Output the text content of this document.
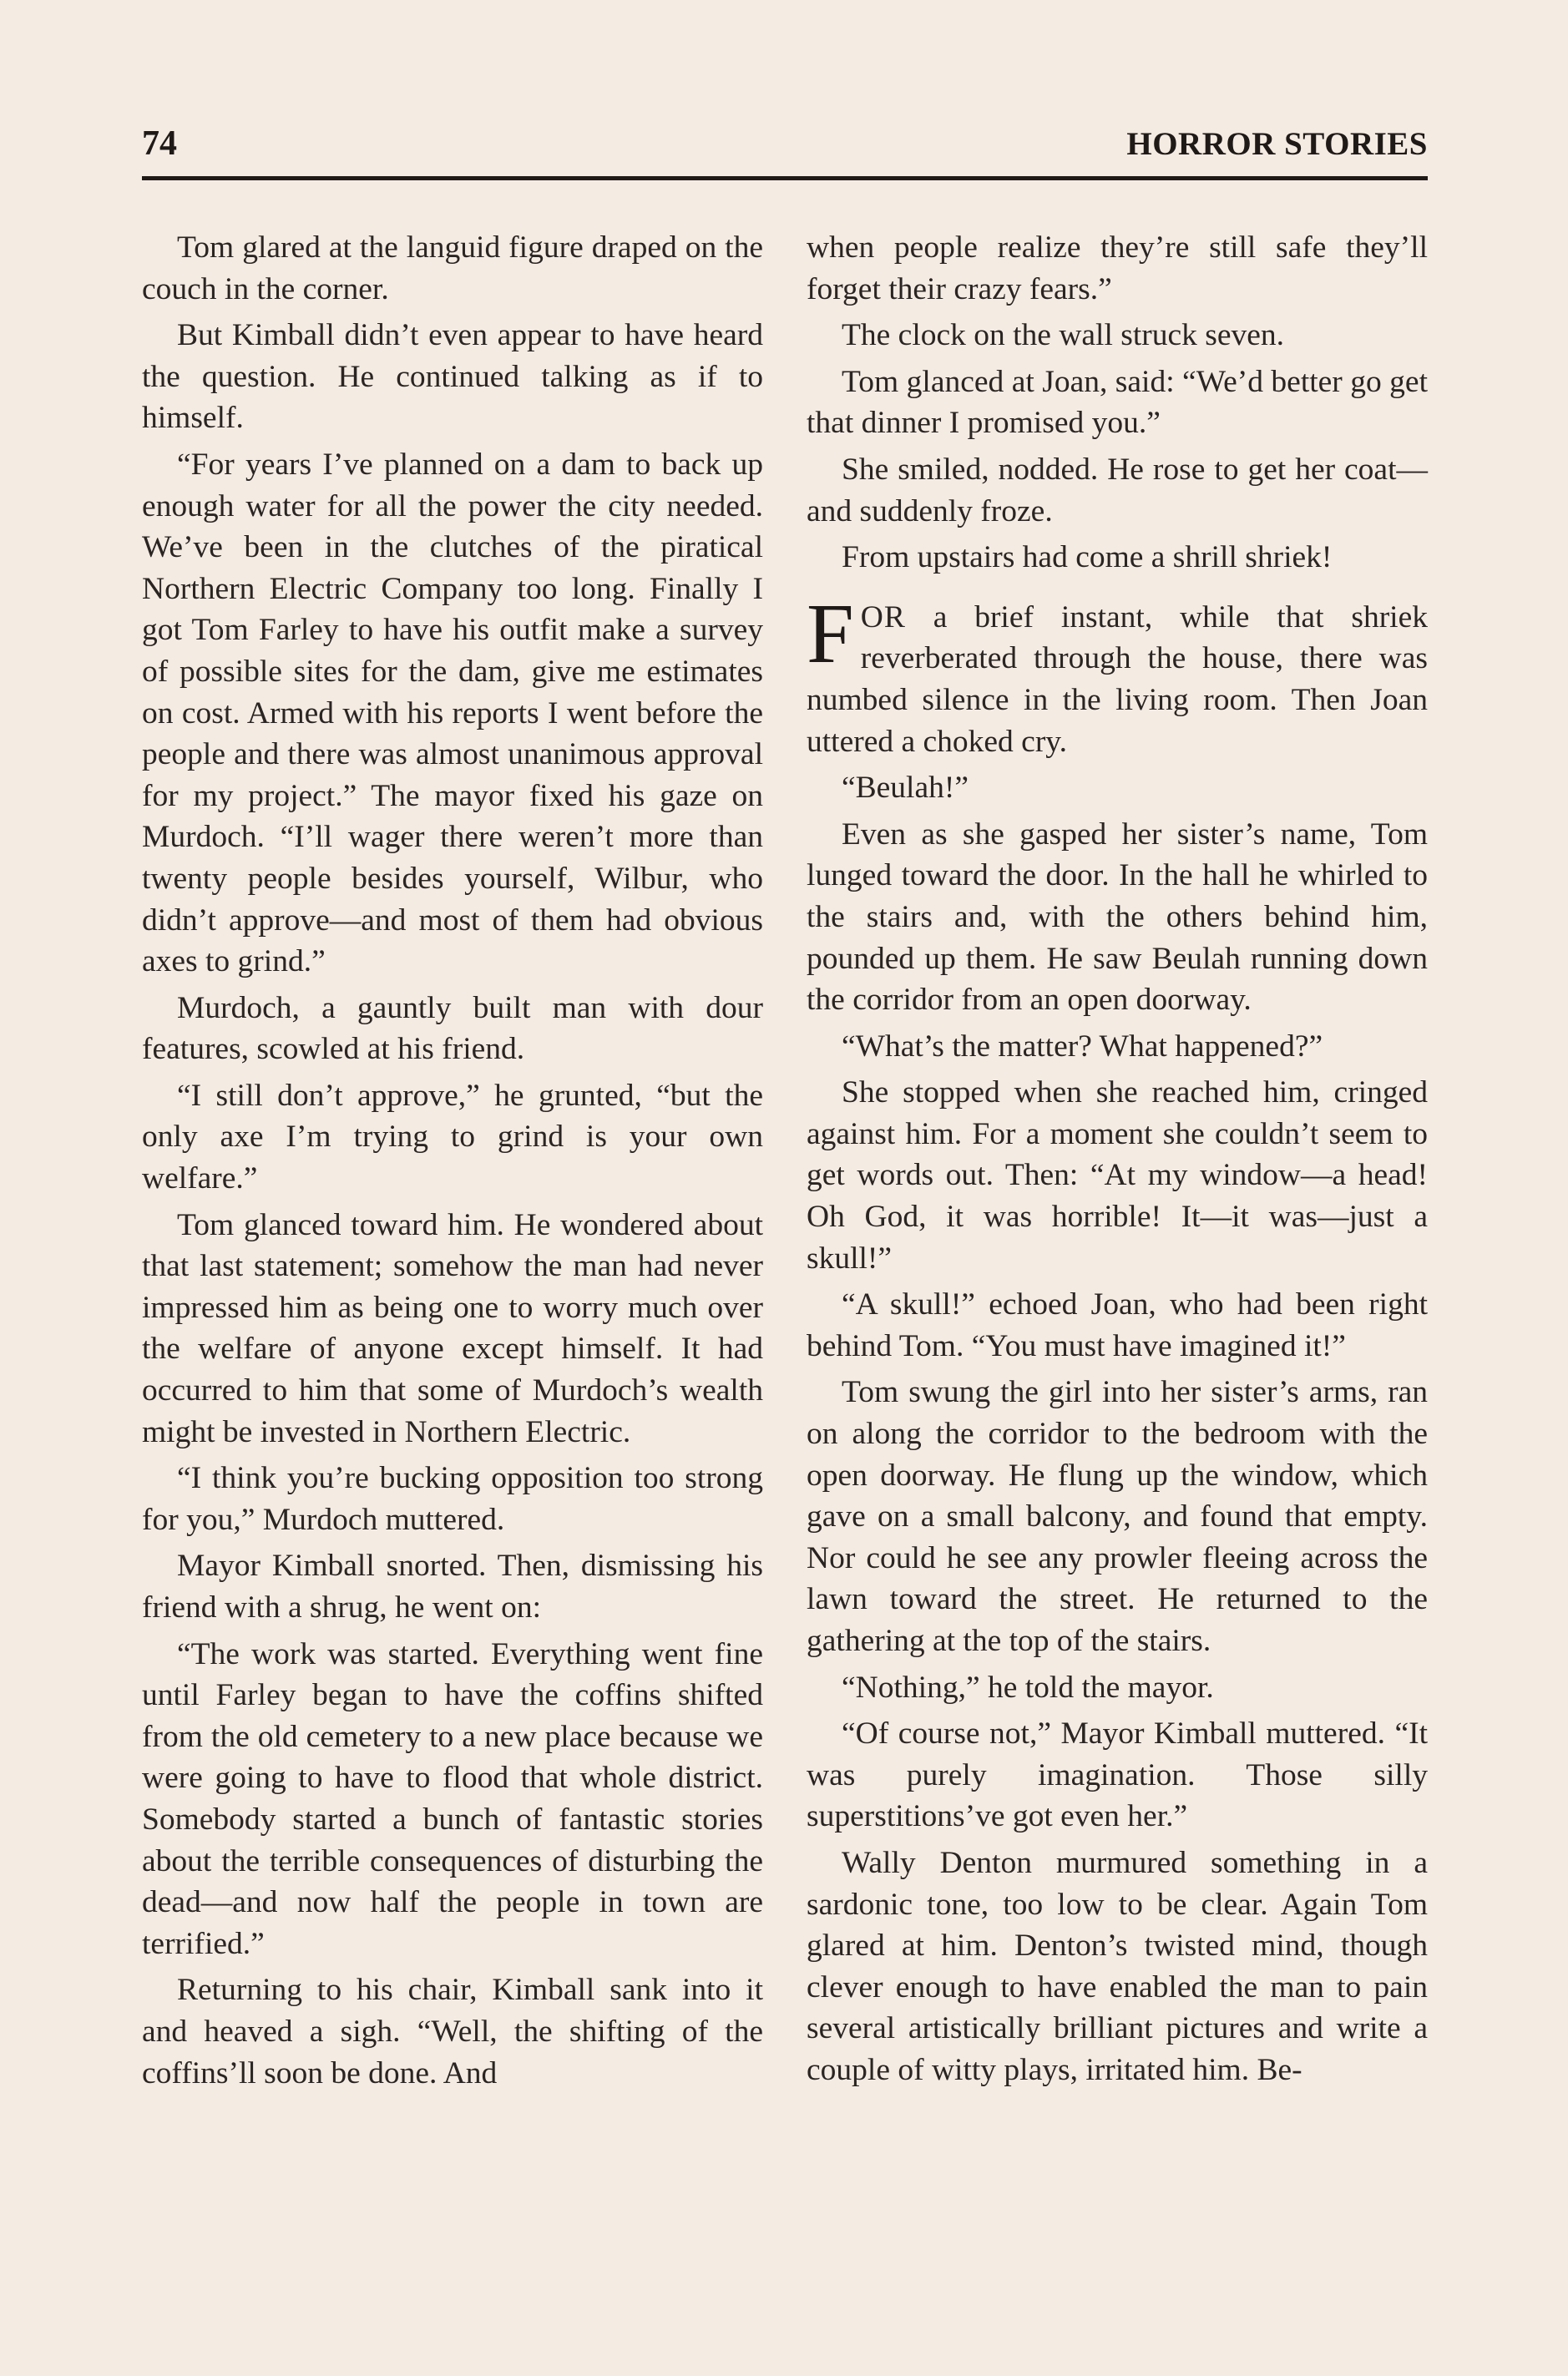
74	HORROR STORIES

Tom glared at the languid figure draped on the couch in the corner.

But Kimball didn’t even appear to have heard the question. He continued talking as if to himself.

“For years I’ve planned on a dam to back up enough water for all the power the city needed. We’ve been in the clutches of the piratical Northern Electric Company too long. Finally I got Tom Farley to have his outfit make a survey of possible sites for the dam, give me estimates on cost. Armed with his reports I went before the people and there was almost unanimous approval for my project.” The mayor fixed his gaze on Murdoch. “I’ll wager there weren’t more than twenty people besides yourself, Wilbur, who didn’t approve—and most of them had obvious axes to grind.”

Murdoch, a gauntly built man with dour features, scowled at his friend.

“I still don’t approve,” he grunted, “but the only axe I’m trying to grind is your own welfare.”

Tom glanced toward him. He wondered about that last statement; somehow the man had never impressed him as being one to worry much over the welfare of anyone except himself. It had occurred to him that some of Murdoch’s wealth might be invested in Northern Electric.

“I think you’re bucking opposition too strong for you,” Murdoch muttered.

Mayor Kimball snorted. Then, dismissing his friend with a shrug, he went on:

“The work was started. Everything went fine until Farley began to have the coffins shifted from the old cemetery to a new place because we were going to have to flood that whole district. Somebody started a bunch of fantastic stories about the terrible consequences of disturbing the dead—and now half the people in town are terrified.”

Returning to his chair, Kimball sank into it and heaved a sigh. “Well, the shifting of the coffins’ll soon be done. And

when people realize they’re still safe they’ll forget their crazy fears.”

The clock on the wall struck seven.

Tom glanced at Joan, said: “We’d better go get that dinner I promised you.”

She smiled, nodded. He rose to get her coat—and suddenly froze.

From upstairs had come a shrill shriek!

FOR a brief instant, while that shriek reverberated through the house, there was numbed silence in the living room. Then Joan uttered a choked cry.

“Beulah!”

Even as she gasped her sister’s name, Tom lunged toward the door. In the hall he whirled to the stairs and, with the others behind him, pounded up them. He saw Beulah running down the corridor from an open doorway.

“What’s the matter? What happened?”

She stopped when she reached him, cringed against him. For a moment she couldn’t seem to get words out. Then: “At my window—a head! Oh God, it was horrible! It—it was—just a skull!”

“A skull!” echoed Joan, who had been right behind Tom. “You must have imagined it!”

Tom swung the girl into her sister’s arms, ran on along the corridor to the bedroom with the open doorway. He flung up the window, which gave on a small balcony, and found that empty. Nor could he see any prowler fleeing across the lawn toward the street. He returned to the gathering at the top of the stairs.

“Nothing,” he told the mayor.

“Of course not,” Mayor Kimball muttered. “It was purely imagination. Those silly superstitions’ve got even her.”

Wally Denton murmured something in a sardonic tone, too low to be clear. Again Tom glared at him. Denton’s twisted mind, though clever enough to have enabled the man to pain several artistically brilliant pictures and write a couple of witty plays, irritated him. Be-
